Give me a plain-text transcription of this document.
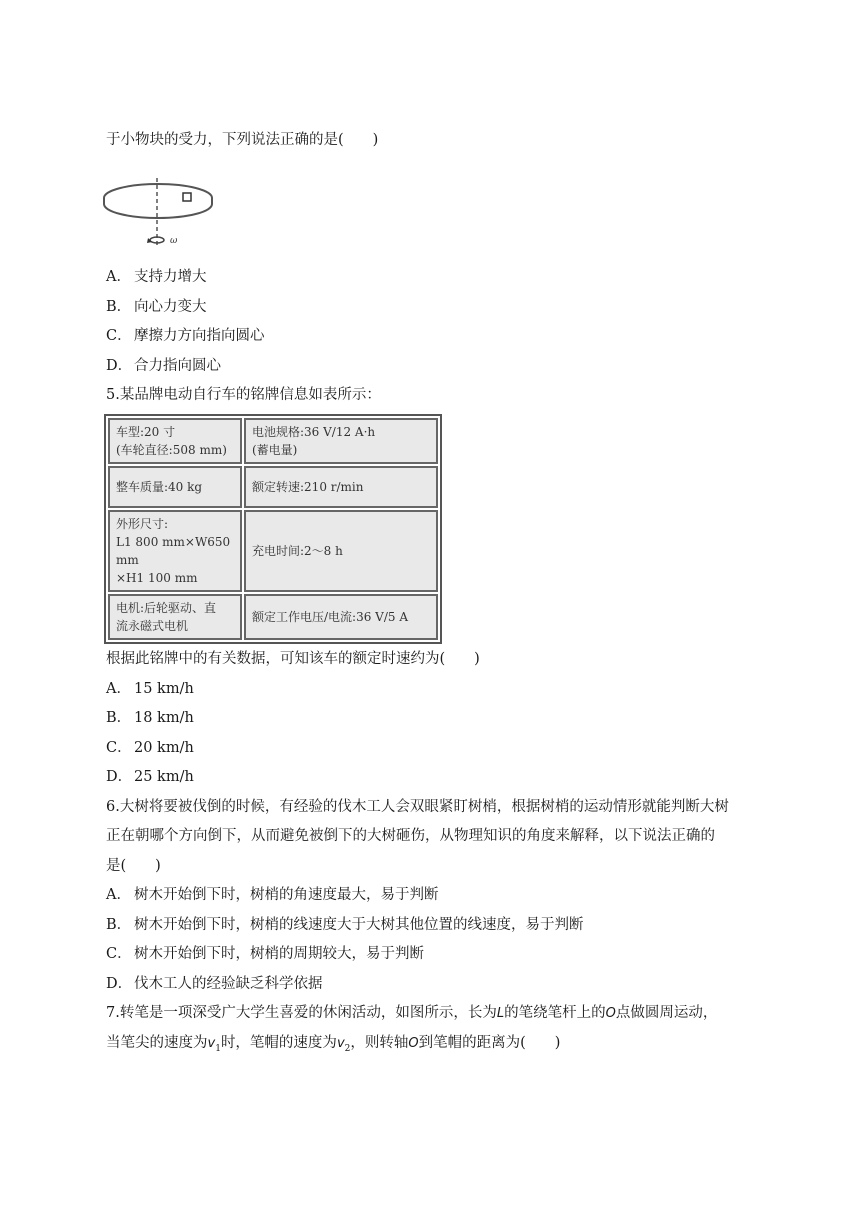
于小物块的受力，下列说法正确的是(　　)
ω
A． 支持力增大
B． 向心力变大
C． 摩擦力方向指向圆心
D． 合力指向圆心
5.某品牌电动自行车的铭牌信息如表所示：
车型:20 寸
(车轮直径:508 mm)	电池规格:36 V/12 A·h
(蓄电量)
整车质量:40 kg	额定转速:210 r/min
外形尺寸:
L1 800 mm×W650 mm
×H1 100 mm	充电时间:2～8 h
电机:后轮驱动、直
流永磁式电机	额定工作电压/电流:36 V/5 A
根据此铭牌中的有关数据，可知该车的额定时速约为(　　)
A． 15 km/h
B． 18 km/h
C． 20 km/h
D． 25 km/h
6.大树将要被伐倒的时候，有经验的伐木工人会双眼紧盯树梢，根据树梢的运动情形就能判断大树
正在朝哪个方向倒下，从而避免被倒下的大树砸伤，从物理知识的角度来解释，以下说法正确的
是(　　)
A． 树木开始倒下时，树梢的角速度最大，易于判断
B． 树木开始倒下时，树梢的线速度大于大树其他位置的线速度，易于判断
C． 树木开始倒下时，树梢的周期较大，易于判断
D． 伐木工人的经验缺乏科学依据
7.转笔是一项深受广大学生喜爱的休闲活动，如图所示，长为L的笔绕笔杆上的O点做圆周运动，
当笔尖的速度为$v_1$时，笔帽的速度为$v_2$，则转轴O到笔帽的距离为(　　)
